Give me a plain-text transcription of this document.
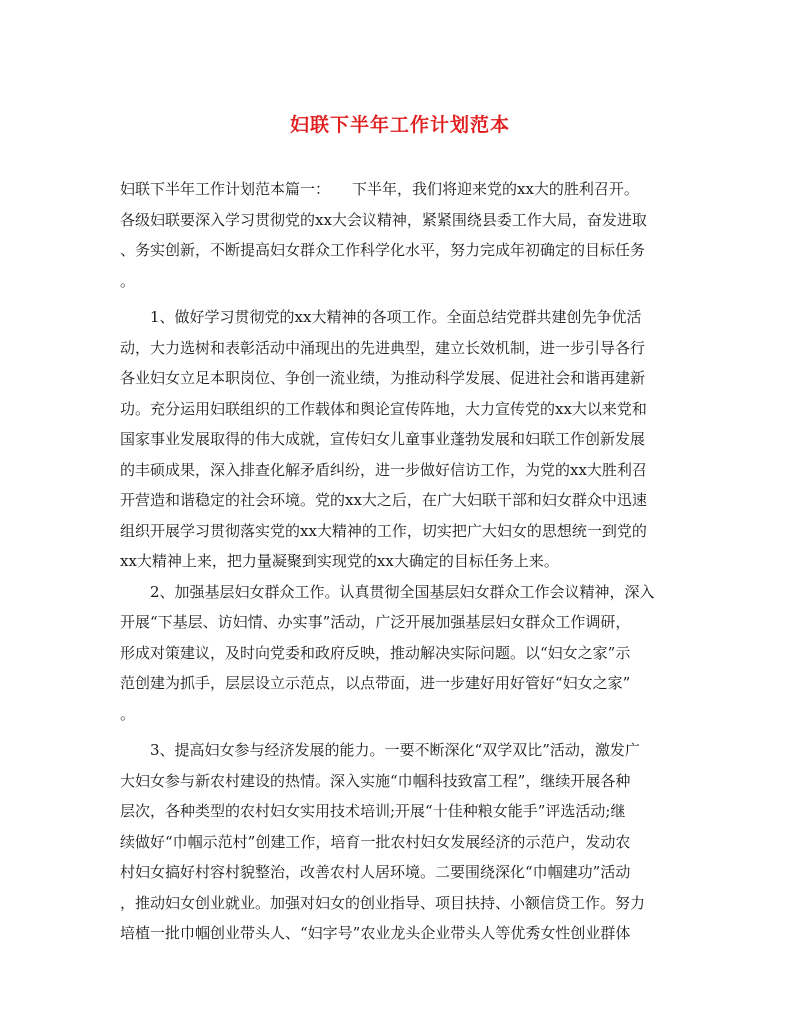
妇联下半年工作计划范本
妇联下半年工作计划范本篇一： 下半年，我们将迎来党的xx大的胜利召开。
各级妇联要深入学习贯彻党的xx大会议精神，紧紧围绕县委工作大局，奋发进取
、务实创新，不断提高妇女群众工作科学化水平，努力完成年初确定的目标任务
。
　　1、做好学习贯彻党的xx大精神的各项工作。全面总结党群共建创先争优活
动，大力选树和表彰活动中涌现出的先进典型，建立长效机制，进一步引导各行
各业妇女立足本职岗位、争创一流业绩，为推动科学发展、促进社会和谐再建新
功。充分运用妇联组织的工作载体和舆论宣传阵地，大力宣传党的xx大以来党和
国家事业发展取得的伟大成就，宣传妇女儿童事业蓬勃发展和妇联工作创新发展
的丰硕成果，深入排查化解矛盾纠纷，进一步做好信访工作，为党的xx大胜利召
开营造和谐稳定的社会环境。党的xx大之后，在广大妇联干部和妇女群众中迅速
组织开展学习贯彻落实党的xx大精神的工作，切实把广大妇女的思想统一到党的
xx大精神上来，把力量凝聚到实现党的xx大确定的目标任务上来。
　　2、加强基层妇女群众工作。认真贯彻全国基层妇女群众工作会议精神，深入
开展“下基层、访妇情、办实事”活动，广泛开展加强基层妇女群众工作调研，
形成对策建议，及时向党委和政府反映，推动解决实际问题。以“妇女之家”示
范创建为抓手，层层设立示范点，以点带面，进一步建好用好管好“妇女之家”
。
　　3、提高妇女参与经济发展的能力。一要不断深化“双学双比”活动，激发广
大妇女参与新农村建设的热情。深入实施“巾帼科技致富工程”，继续开展各种
层次，各种类型的农村妇女实用技术培训;开展“十佳种粮女能手”评选活动;继
续做好“巾帼示范村”创建工作，培育一批农村妇女发展经济的示范户，发动农
村妇女搞好村容村貌整治，改善农村人居环境。二要围绕深化“巾帼建功”活动
，推动妇女创业就业。加强对妇女的创业指导、项目扶持、小额信贷工作。努力
培植一批巾帼创业带头人、“妇字号”农业龙头企业带头人等优秀女性创业群体
